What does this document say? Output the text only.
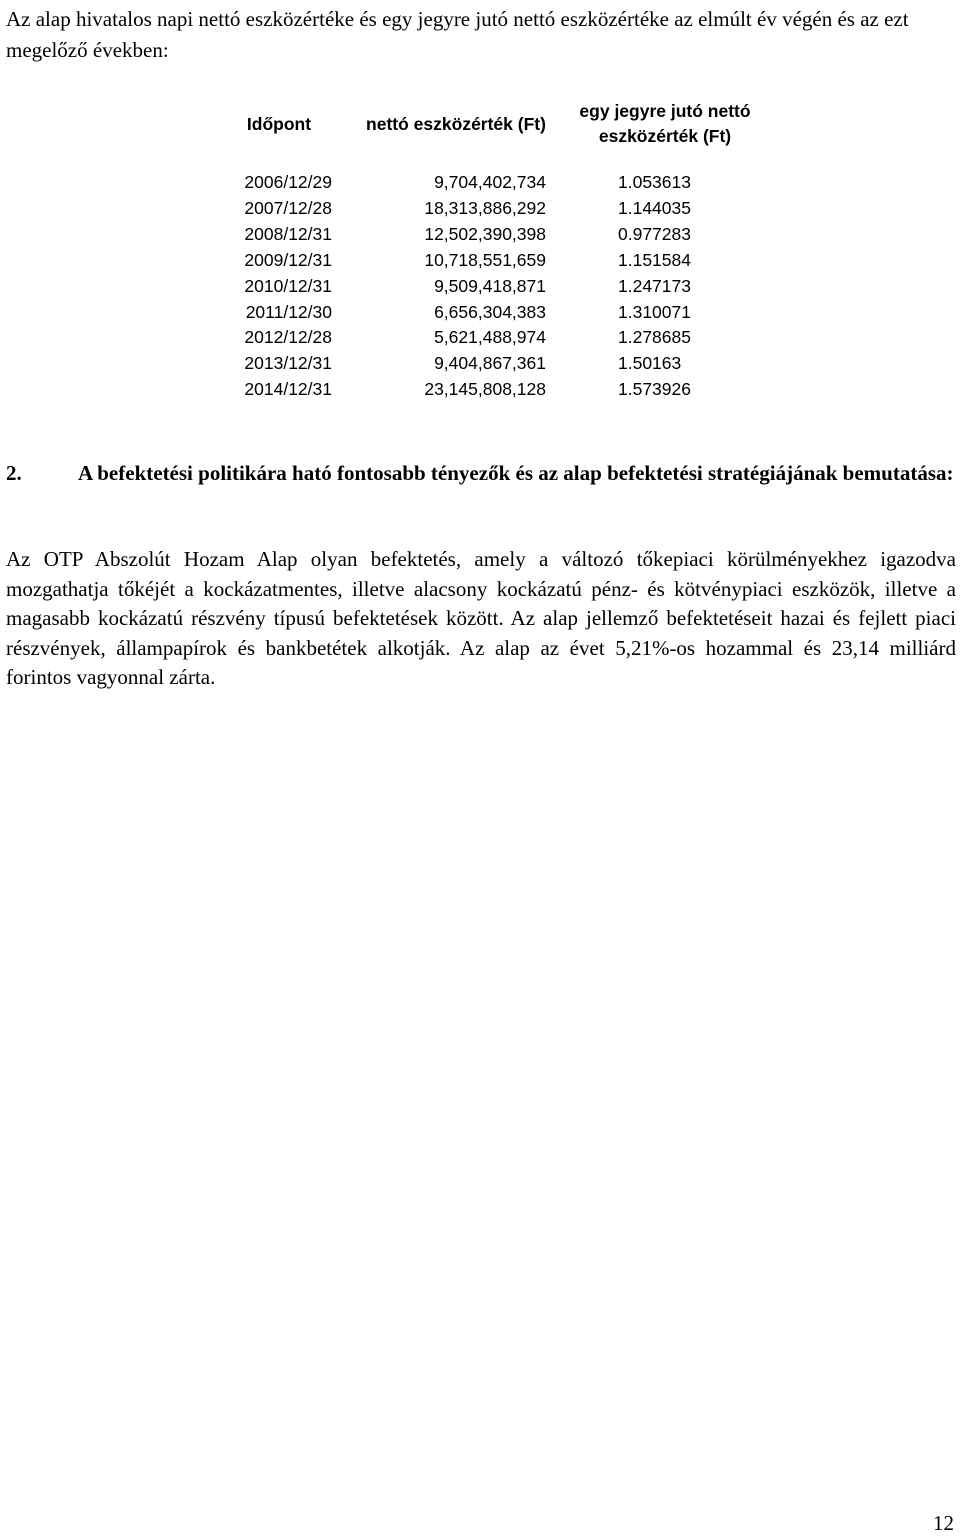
Az alap hivatalos napi nettó eszközértéke és egy jegyre jutó nettó eszközértéke az elmúlt év végén és az ezt megelőző években:

Időpont	nettó eszközérték (Ft)	egy jegyre jutó nettó eszközérték (Ft)
2006/12/29	9,704,402,734	1.053613
2007/12/28	18,313,886,292	1.144035
2008/12/31	12,502,390,398	0.977283
2009/12/31	10,718,551,659	1.151584
2010/12/31	9,509,418,871	1.247173
2011/12/30	6,656,304,383	1.310071
2012/12/28	5,621,488,974	1.278685
2013/12/31	9,404,867,361	1.50163
2014/12/31	23,145,808,128	1.573926
2.	A befektetési politikára ható fontosabb tényezők és az alap befektetési stratégiájának bemutatása:

Az OTP Abszolút Hozam Alap olyan befektetés, amely a változó tőkepiaci körülményekhez igazodva mozgathatja tőkéjét a kockázatmentes, illetve alacsony kockázatú pénz- és kötvénypiaci eszközök, illetve a magasabb kockázatú részvény típusú befektetések között. Az alap jellemző befektetéseit hazai és fejlett piaci részvények, állampapírok és bankbetétek alkotják. Az alap az évet 5,21%-os hozammal és 23,14 milliárd forintos vagyonnal zárta.

12
